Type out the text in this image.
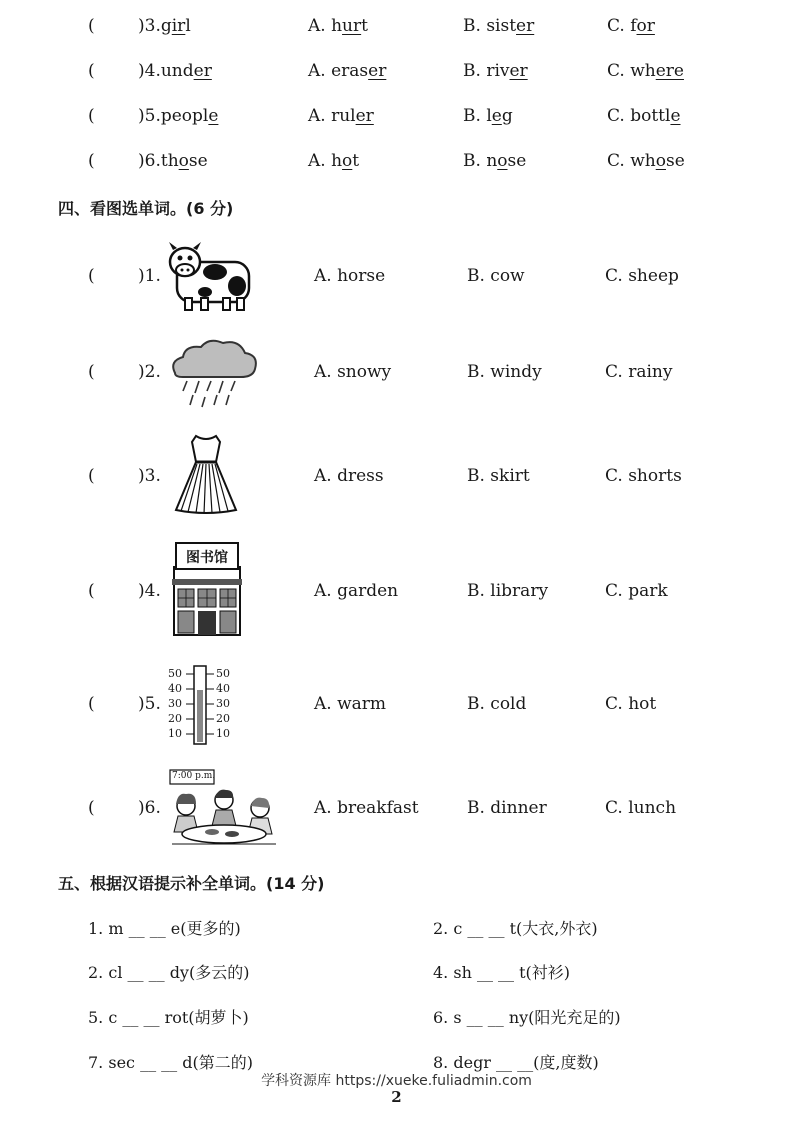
(	)3.girl	A. hurt	B. sister	C. for
(	)4.under	A. eraser	B. river	C. where
(	)5.people	A. ruler	B. leg	C. bottle
(	)6.those	A. hot	B. nose	C. whose
四、看图选单词。(6 分)
(	)1.	A. horse	B. cow	C. sheep
(	)2.	A. snowy	B. windy	C. rainy
(	)3.	A. dress	B. skirt	C. shorts
(	)4.	A. garden	B. library	C. park
图书馆
(	)5.	A. warm	B. cold	C. hot
50
40
30
20
10
50
40
30
20
10
(	)6.	A. breakfast	B. dinner	C. lunch
7:00 p.m.
五、根据汉语提示补全单词。(14 分)
1. m __ __ e(更多的)	2. c __ __ t(大衣,外衣)
2. cl __ __ dy(多云的)	4. sh __ __ t(衬衫)
5. c __ __ rot(胡萝卜)	6. s __ __ ny(阳光充足的)
7. sec __ __ d(第二的)	8. degr __ __(度,度数)
学科资源库 https://xueke.fuliadmin.com
2
